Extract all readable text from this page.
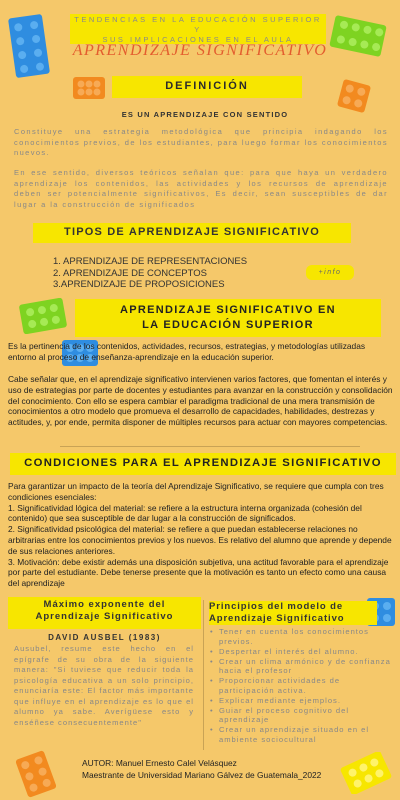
TENDENCIAS EN LA EDUCACIÓN SUPERIOR Y
SUS IMPLICACIONES EN EL AULA
APRENDIZAJE SIGNIFICATIVO
DEFINICIÓN
ES UN APRENDIZAJE CON SENTIDO

Constituye una estrategia metodológica que principia indagando los conocimientos previos, de los estudiantes, para luego formar los conocimientos nuevos.

En ese sentido, diversos teóricos señalan que: para que haya un verdadero aprendizaje los contenidos, las actividades y los recursos de aprendizaje deben ser potencialmente significativos, Es decir, sean susceptibles de dar lugar a la construcción de significados

TIPOS DE APRENDIZAJE SIGNIFICATIVO
1. APRENDIZAJE DE REPRESENTACIONES
2. APRENDIZAJE DE CONCEPTOS
3.APRENDIZAJE DE PROPOSICIONES
+info
APRENDIZAJE SIGNIFICATIVO EN
LA EDUCACIÓN SUPERIOR

Es la pertinencia de los contenidos, actividades, recursos, estrategias, y metodologías utilizadas entorno al proceso de enseñanza-aprendizaje en la educación superior.

Cabe señalar que, en el aprendizaje significativo intervienen varios factores, que fomentan el interés y uso de estrategias por parte de docentes y estudiantes para avanzar en la construcción y consolidación del conocimiento. Con ello se espera cambiar el paradigma tradicional de una mera transmisión de conocimientos a otro modelo que promueva el desarrollo de capacidades, habilidades, destrezas y actitudes, y, por ende, permita disponer de múltiples recursos para actuar con mayores competencias.

CONDICIONES PARA EL APRENDIZAJE SIGNIFICATIVO

Para garantizar un impacto de la teoría del Aprendizaje Significativo, se requiere que cumpla con tres condiciones esenciales:

1. Significatividad lógica del material: se refiere a la estructura interna organizada (cohesión del contenido) que sea susceptible de dar lugar a la construcción de significados.

2. Significatividad psicológica del material: se refiere a que puedan establecerse relaciones no arbitrarias entre los conocimientos previos y los nuevos. Es relativo del alumno que aprende y depende de sus relaciones anteriores.

3. Motivación: debe existir además una disposición subjetiva, una actitud favorable para el aprendizaje por parte del estudiante. Debe tenerse presente que la motivación es tanto un efecto como una causa del aprendizaje

Máximo exponente del
Aprendizaje Significativo
DAVID AUSBEL (1983)

Ausubel, resume este hecho en el epígrafe de su obra de la siguiente manera: "Si tuviese que reducir toda la psicología educativa a un solo principio, enunciaría este: El factor más importante que influye en el aprendizaje es lo que el alumno ya sabe. Averígüese esto y enséñese consecuentemente"

Principios del modelo de
Aprendizaje Significativo
• Tener en cuenta los conocimientos previos.
• Despertar el interés del alumno.
• Crear un clima armónico y de confianza hacia el profesor
• Proporcionar actividades de participación activa.
• Explicar mediante ejemplos.
• Guiar el proceso cognitivo del aprendizaje
• Crear un aprendizaje situado en el ambiente sociocultural
AUTOR: Manuel Ernesto Calel Velásquez
Maestrante de Universidad Mariano Gálvez de Guatemala_2022
